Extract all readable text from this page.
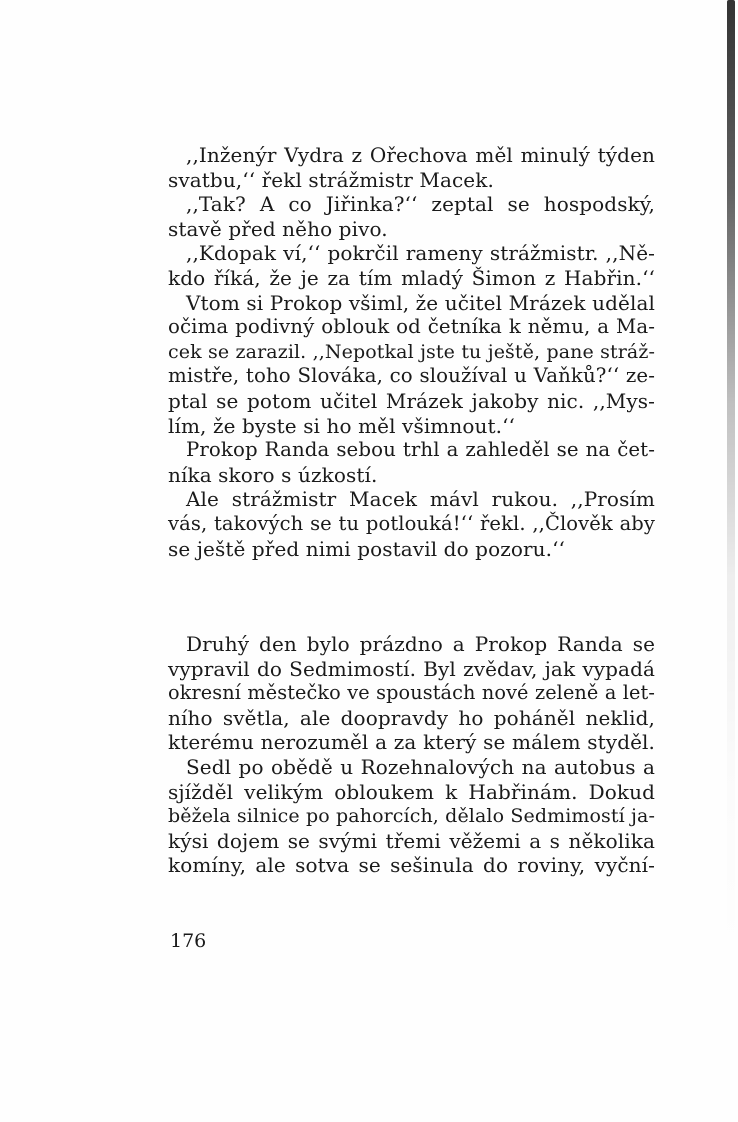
,,Inženýr Vydra z Ořechova měl minulý týden
svatbu,‘‘ řekl strážmistr Macek.
,,Tak? A co Jiřinka?‘‘ zeptal se hospodský,
stavě před něho pivo.
,,Kdopak ví,‘‘ pokrčil rameny strážmistr. ,,Ně-
kdo říká, že je za tím mladý Šimon z Habřin.‘‘
Vtom si Prokop všiml, že učitel Mrázek udělal
očima podivný oblouk od četníka k němu, a Ma-
cek se zarazil. ,,Nepotkal jste tu ještě, pane stráž-
mistře, toho Slováka, co sloužíval u Vaňků?‘‘ ze-
ptal se potom učitel Mrázek jakoby nic. ,,Mys-
lím, že byste si ho měl všimnout.‘‘
Prokop Randa sebou trhl a zahleděl se na čet-
níka skoro s úzkostí.
Ale strážmistr Macek mávl rukou. ,,Prosím
vás, takových se tu potlouká!‘‘ řekl. ,,Člověk aby
se ještě před nimi postavil do pozoru.‘‘
Druhý den bylo prázdno a Prokop Randa se
vypravil do Sedmimostí. Byl zvědav, jak vypadá
okresní městečko ve spoustách nové zeleně a let-
ního světla, ale doopravdy ho poháněl neklid,
kterému nerozuměl a za který se málem styděl.
Sedl po obědě u Rozehnalových na autobus a
sjížděl velikým obloukem k Habřinám. Dokud
běžela silnice po pahorcích, dělalo Sedmimostí ja-
kýsi dojem se svými třemi věžemi a s několika
komíny, ale sotva se sešinula do roviny, vyční-
176
